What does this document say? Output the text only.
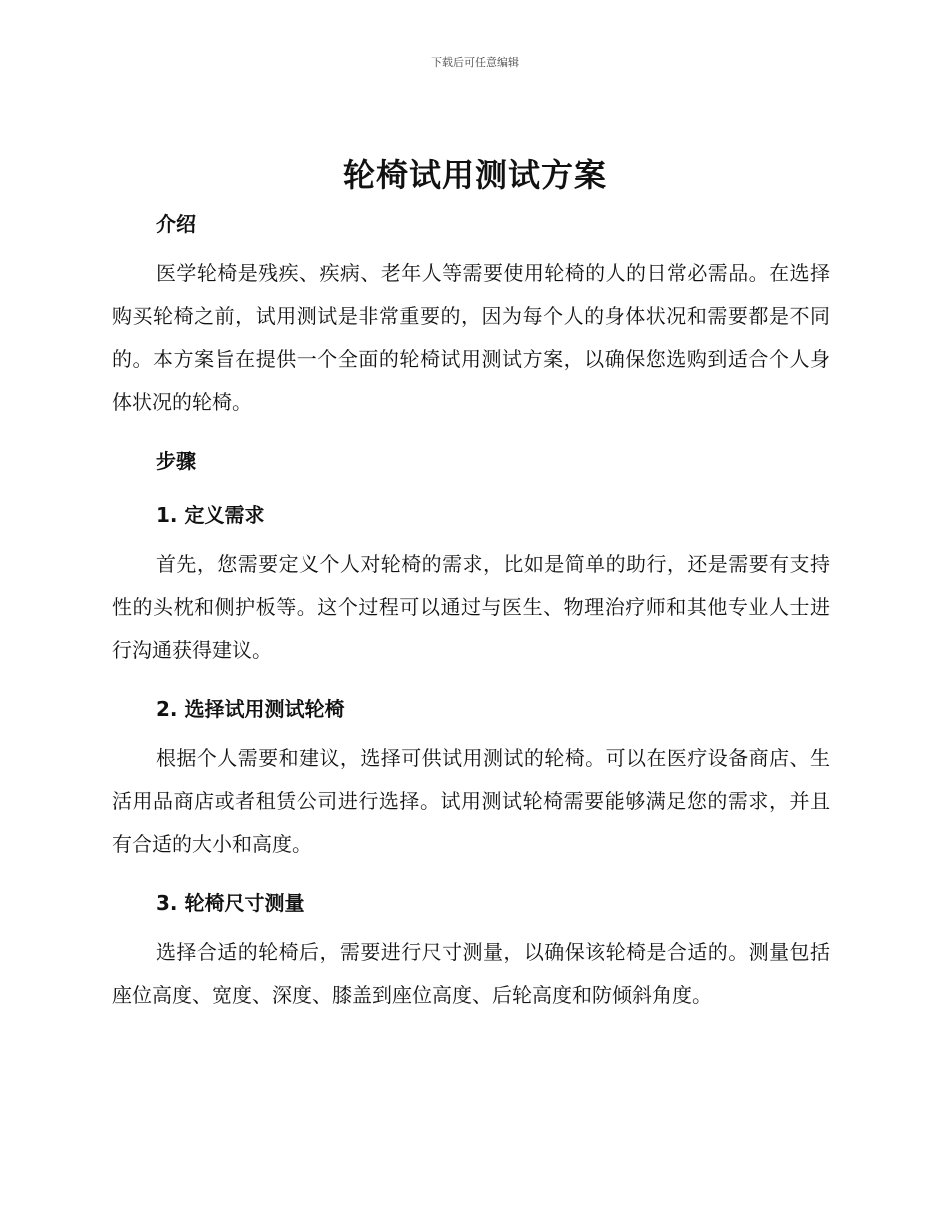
下载后可任意编辑
轮椅试用测试方案
介绍
医学轮椅是残疾、疾病、老年人等需要使用轮椅的人的日常必需品。在选择购买轮椅之前，试用测试是非常重要的，因为每个人的身体状况和需要都是不同的。本方案旨在提供一个全面的轮椅试用测试方案，以确保您选购到适合个人身体状况的轮椅。
步骤
1. 定义需求
首先，您需要定义个人对轮椅的需求，比如是简单的助行，还是需要有支持性的头枕和侧护板等。这个过程可以通过与医生、物理治疗师和其他专业人士进行沟通获得建议。
2. 选择试用测试轮椅
根据个人需要和建议，选择可供试用测试的轮椅。可以在医疗设备商店、生活用品商店或者租赁公司进行选择。试用测试轮椅需要能够满足您的需求，并且有合适的大小和高度。
3. 轮椅尺寸测量
选择合适的轮椅后，需要进行尺寸测量，以确保该轮椅是合适的。测量包括座位高度、宽度、深度、膝盖到座位高度、后轮高度和防倾斜角度。
